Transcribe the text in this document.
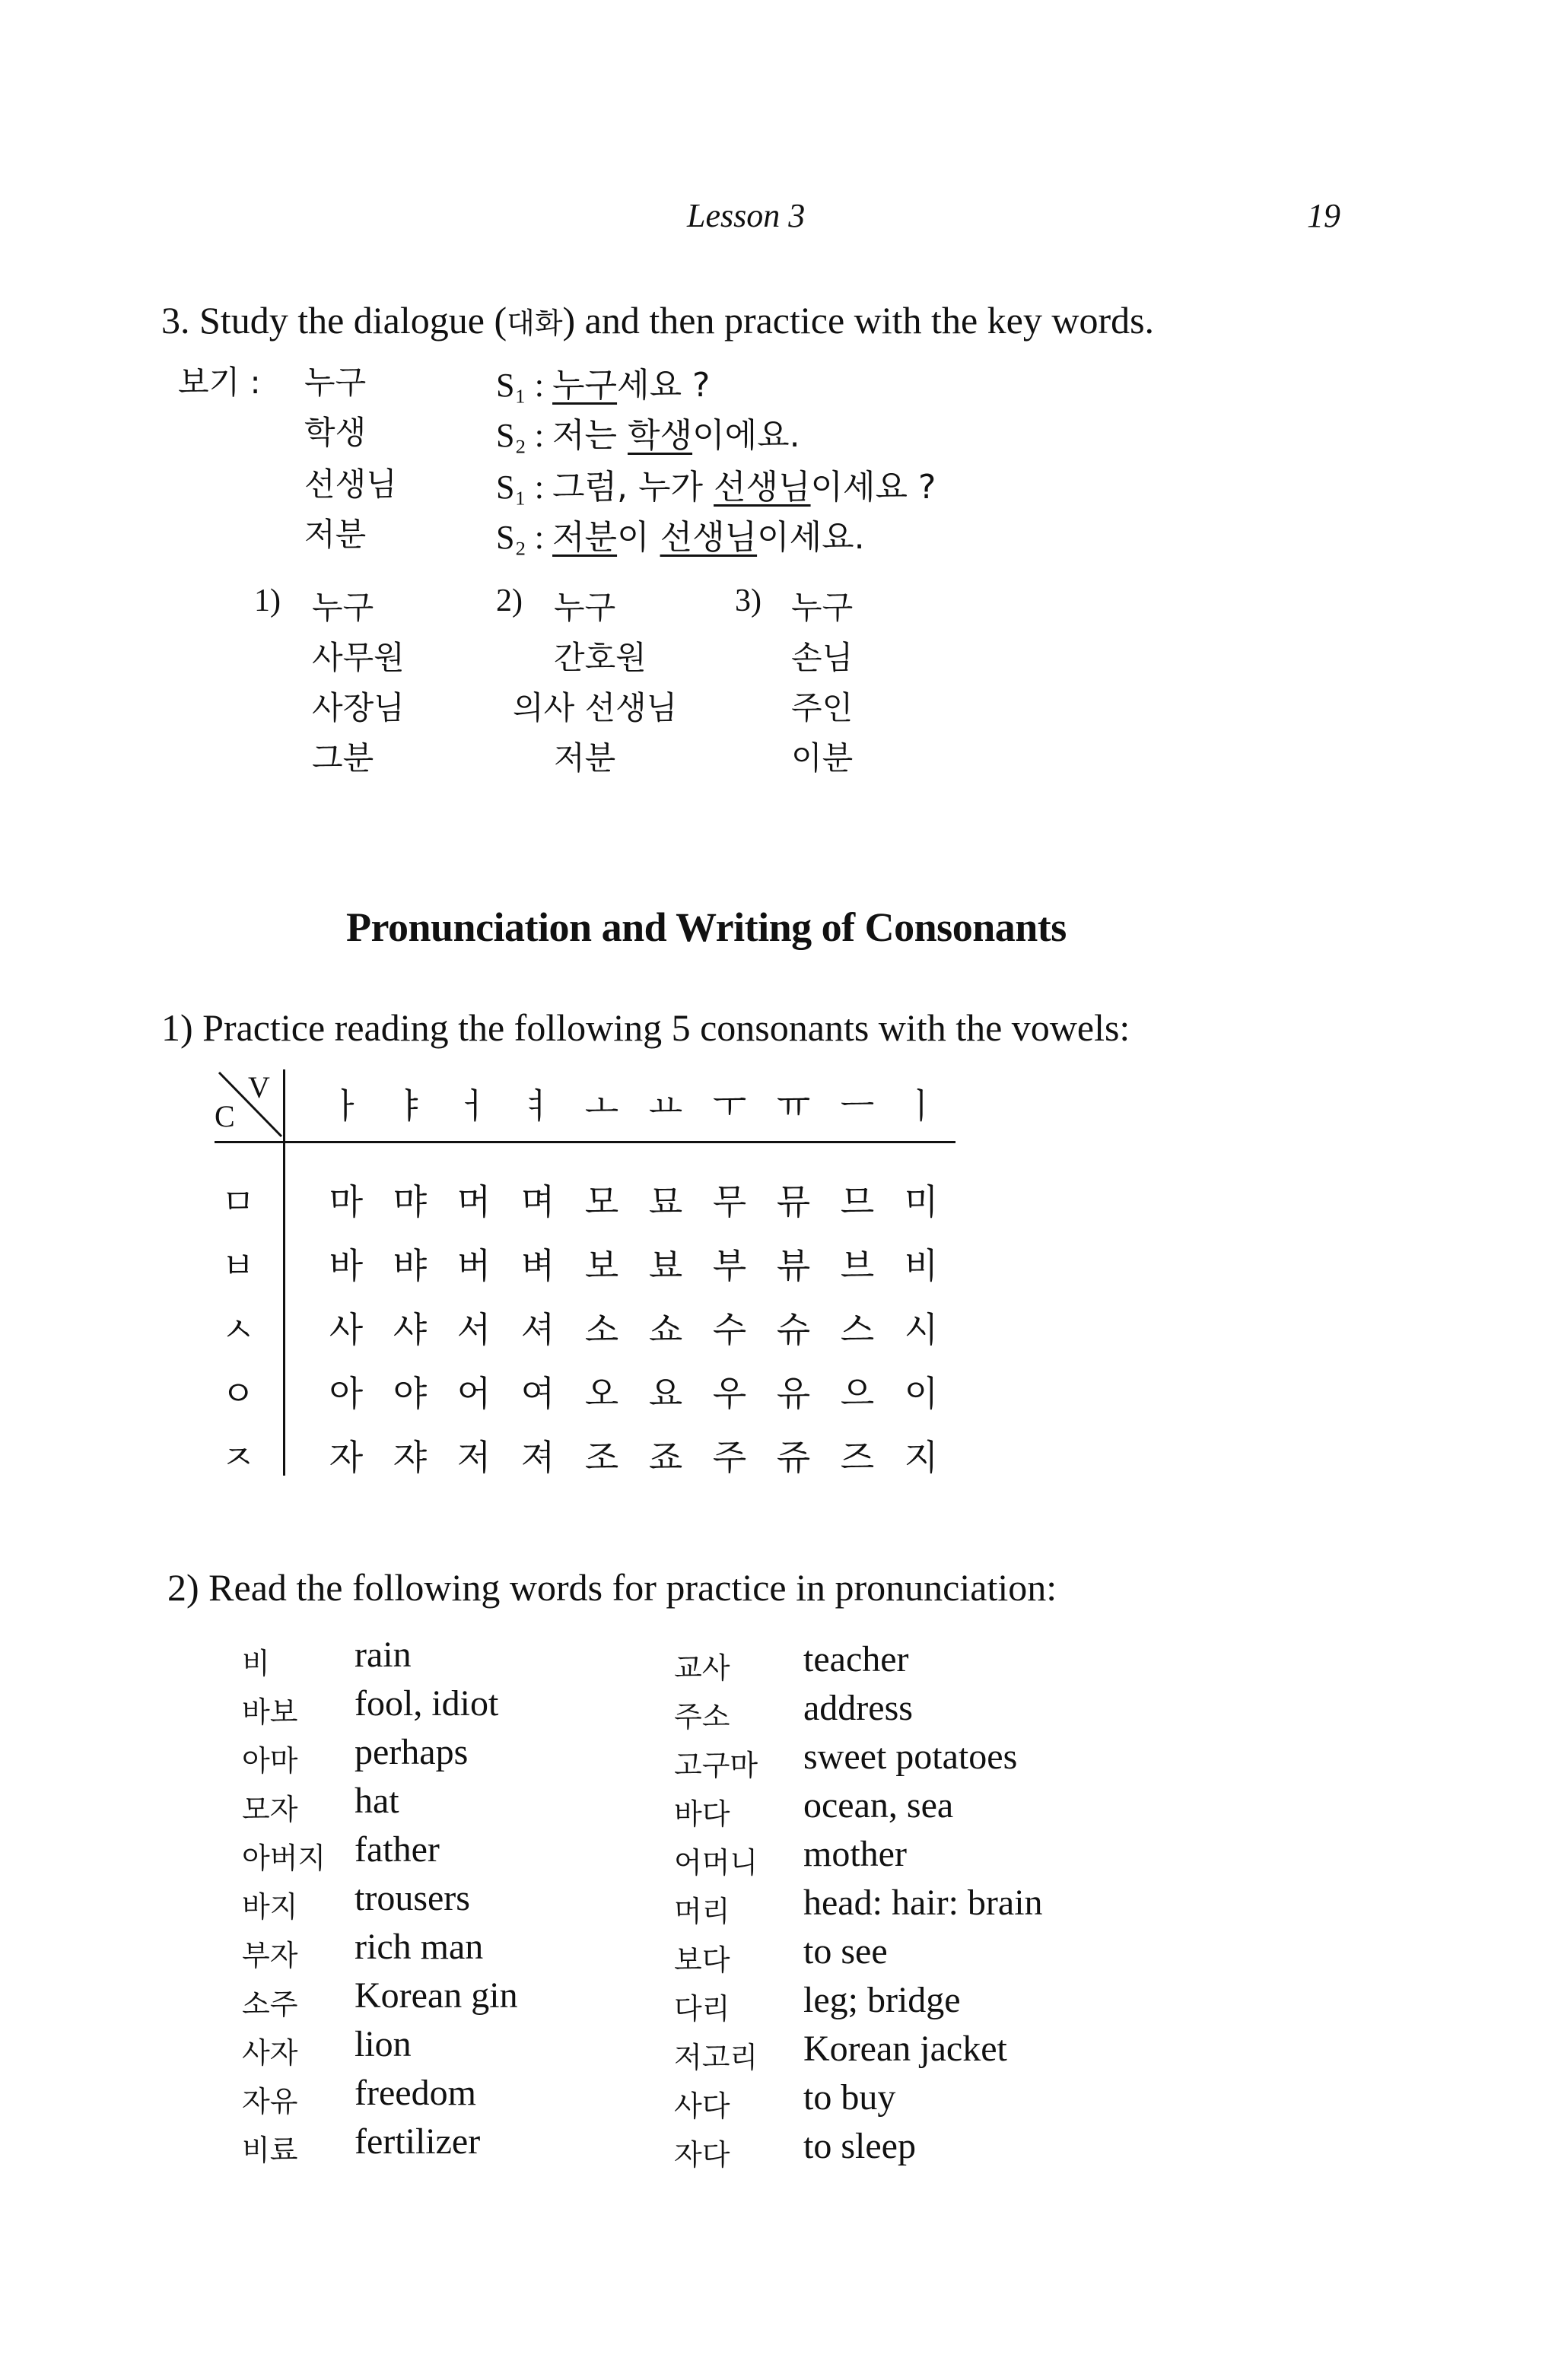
Lesson 3	19
3. Study the dialogue (대화) and then practice with the key words.
보기 : 누구
학생
선생님
저분
S₁ : 누구세요 ?
S₂ : 저는 학생이에요.
S₁ : 그럼, 누가 선생님이세요 ?
S₂ : 저분이 선생님이세요.
1) 누구
사무원
사장님
그분
2) 누구
간호원
의사 선생님
저분
3) 누구
손님
주인
이분
Pronunciation and Writing of Consonants
1) Practice reading the following 5 consonants with the vowels:
V
C	ㅏ ㅑ ㅓ ㅕ ㅗ ㅛ ㅜ ㅠ ㅡ ㅣ
ㅁ 마 먀 머 며 모 묘 무 뮤 므 미
ㅂ 바 뱌 버 벼 보 뵤 부 뷰 브 비
ㅅ 사 샤 서 셔 소 쇼 수 슈 스 시
ㅇ 아 야 어 여 오 요 우 유 으 이
ㅈ 자 쟈 저 져 조 죠 주 쥬 즈 지
2) Read the following words for practice in pronunciation:
비 rain
바보 fool, idiot
아마 perhaps
모자 hat
아버지 father
바지 trousers
부자 rich man
소주 Korean gin
사자 lion
자유 freedom
비료 fertilizer
교사 teacher
주소 address
고구마 sweet potatoes
바다 ocean, sea
어머니 mother
머리 head: hair: brain
보다 to see
다리 leg; bridge
저고리 Korean jacket
사다 to buy
자다 to sleep
